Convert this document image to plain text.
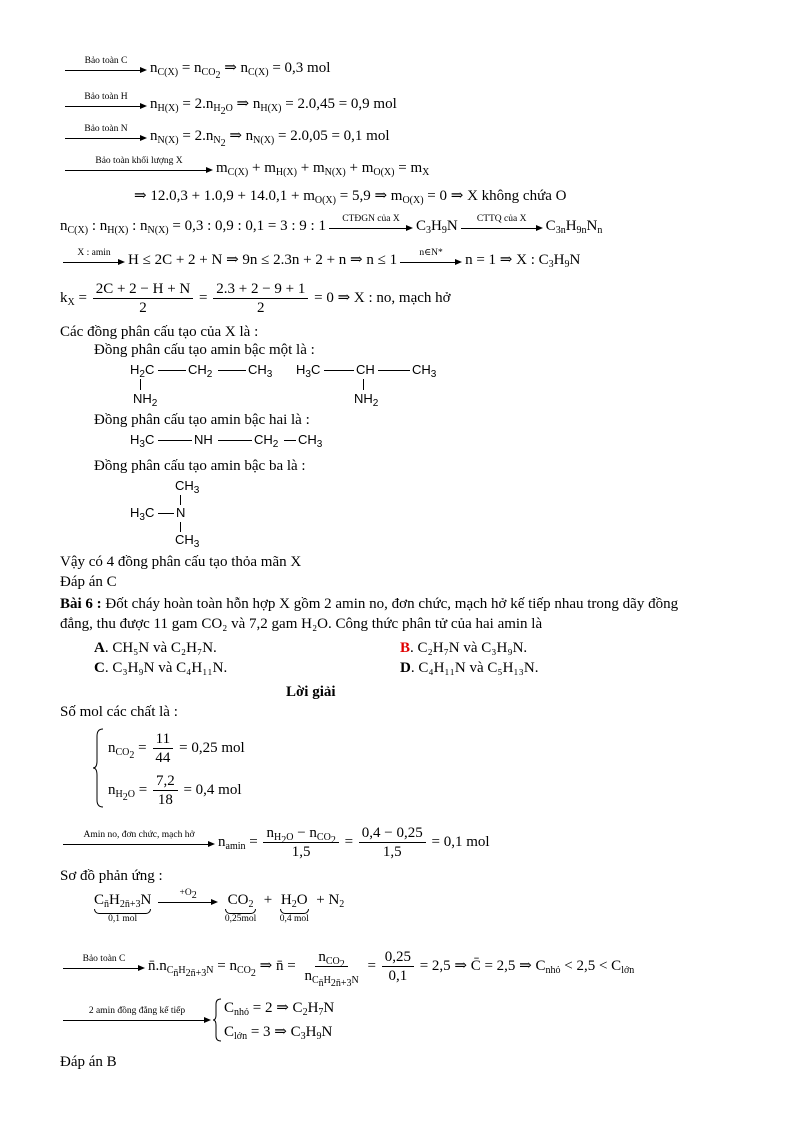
Bảo toàn C	$n_{C(X)} = n_{CO_2}$ ⇒ $n_{C(X)} = 0,3$ mol
Bảo toàn H	$n_{H(X)} = 2.n_{H_2O}$ ⇒ $n_{H(X)} = 2.0,45 = 0,9$ mol
Bảo toàn N	$n_{N(X)} = 2.n_{N_2}$ ⇒ $n_{N(X)} = 2.0,05 = 0,1$ mol
Bảo toàn khối lượng X	$m_{C(X)} + m_{H(X)} + m_{N(X)} + m_{O(X)} = m_X$
⇒ $12.0,3 + 1.0,9 + 14.0,1 + m_{O(X)} = 5,9$ ⇒ $m_{O(X)} = 0$ ⇒ X không chứa O
$n_{C(X)}$ : $n_{H(X)}$ : $n_{N(X)} = 0,3$ : 0,9 : 0,1 = 3 : 9 : 1	CTĐGN của X	$C_3H_9N$	CTTQ của X	$C_{3n}H_{9n}N_n$
X : amin	H ≤ 2C + 2 + N ⇒ 9n ≤ 2.3n + 2 + n ⇒ n ≤ 1	n∈N*	n = 1 ⇒ X : $C_3H_9N$
$k_X = \frac{2C + 2 - H + N}{2} = \frac{2.3 + 2 - 9 + 1}{2} = 0$ ⇒ X : no, mạch hở
Các đồng phân cấu tạo của X là :
Đồng phân cấu tạo amin bậc một là :
$H_2C$	$CH_2$	$CH_3$
$NH_2$
$H_3C$	CH	$CH_3$
$NH_2$
Đồng phân cấu tạo amin bậc hai là :
$H_3C$	NH	$CH_2$ $CH_3$
Đồng phân cấu tạo amin bậc ba là :
$CH_3$
$H_3C$ N
$CH_3$
Vậy có 4 đồng phân cấu tạo thỏa mãn X
Đáp án C
Bài 6 : Đốt cháy hoàn toàn hỗn hợp X gồm 2 amin no, đơn chức, mạch hở kế tiếp nhau trong dãy đồng
đẳng, thu được 11 gam CO₂ và 7,2 gam H₂O. Công thức phân tử của hai amin là
A. CH₅N và C₂H₇N.	B. C₂H₇N và C₃H₉N.
C. C₃H₉N và C₄H₁₁N.	D. C₄H₁₁N và C₅H₁₃N.
Lời giải
Số mol các chất là :
$n_{CO_2} = \frac{11}{44} = 0,25$ mol
$n_{H_2O} = \frac{7,2}{18} = 0,4$ mol
Amin no, đơn chức, mạch hở	$n_{amin} = \frac{n_{H_2O} - n_{CO_2}}{1,5} = \frac{0,4 - 0,25}{1,5} = 0,1$ mol
Sơ đồ phản ứng :
$C_{n̄}H_{2n̄+3}N$
0,1 mol

$+O_2$
	$CO_2$
0,25mol
+ $H_2O$
0,4 mol
+ $N_2$
Bảo toàn C	$n̄.n_{C_{n̄}H_{2n̄+3}N} = n_{CO_2}$ ⇒ n̄ = $\frac{n_{CO_2}}{n_{C_{n̄}H_{2n̄+3}N}} = \frac{0,25}{0,1} = 2,5$ ⇒ C̄ = 2,5 ⇒ $C_{nhỏ} < 2,5 < C_{lớn}$
2 amin đồng đẳng kế tiếp	$C_{nhỏ} = 2$ ⇒ $C_2H_7N$
$C_{lớn} = 3$ ⇒ $C_3H_9N$
Đáp án B
